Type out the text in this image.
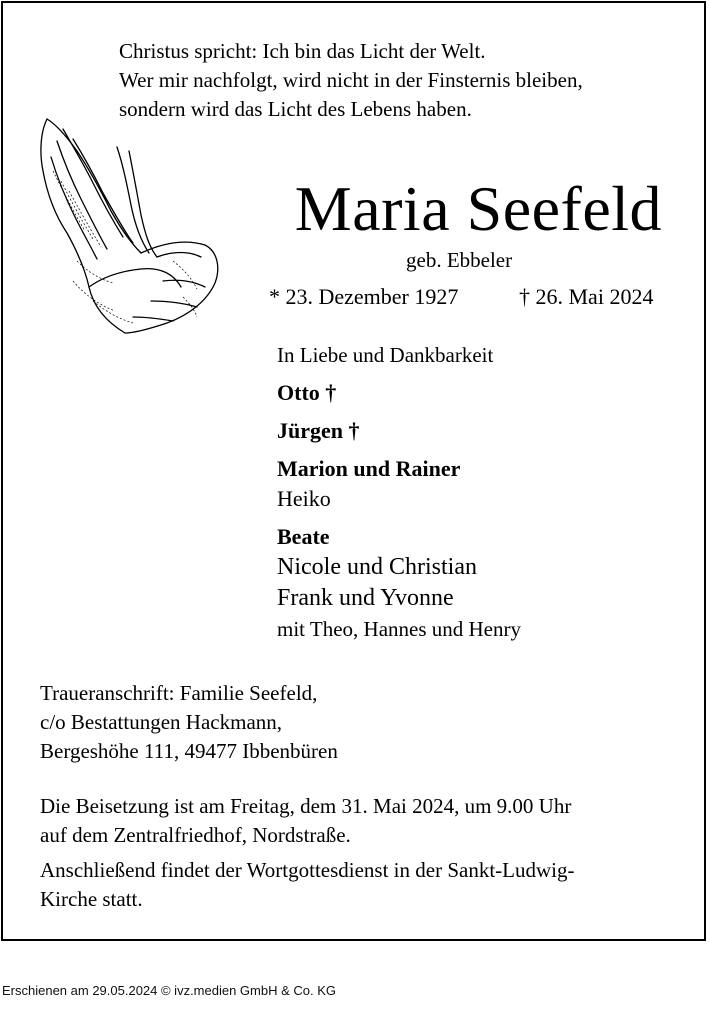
Christus spricht: Ich bin das Licht der Welt.
Wer mir nachfolgt, wird nicht in der Finsternis bleiben,
sondern wird das Licht des Lebens haben.
Maria Seefeld
geb. Ebbeler
* 23. Dezember 1927	† 26. Mai 2024
In Liebe und Dankbarkeit
Otto †
Jürgen †
Marion und Rainer
Heiko
Beate
Nicole und Christian
Frank und Yvonne
mit Theo, Hannes und Henry
Traueranschrift: Familie Seefeld,
c/o Bestattungen Hackmann,
Bergeshöhe 111, 49477 Ibbenbüren
Die Beisetzung ist am Freitag, dem 31. Mai 2024, um 9.00 Uhr
auf dem Zentralfriedhof, Nordstraße.
Anschließend findet der Wortgottesdienst in der Sankt-Ludwig-
Kirche statt.
Erschienen am 29.05.2024 © ivz.medien GmbH & Co. KG
